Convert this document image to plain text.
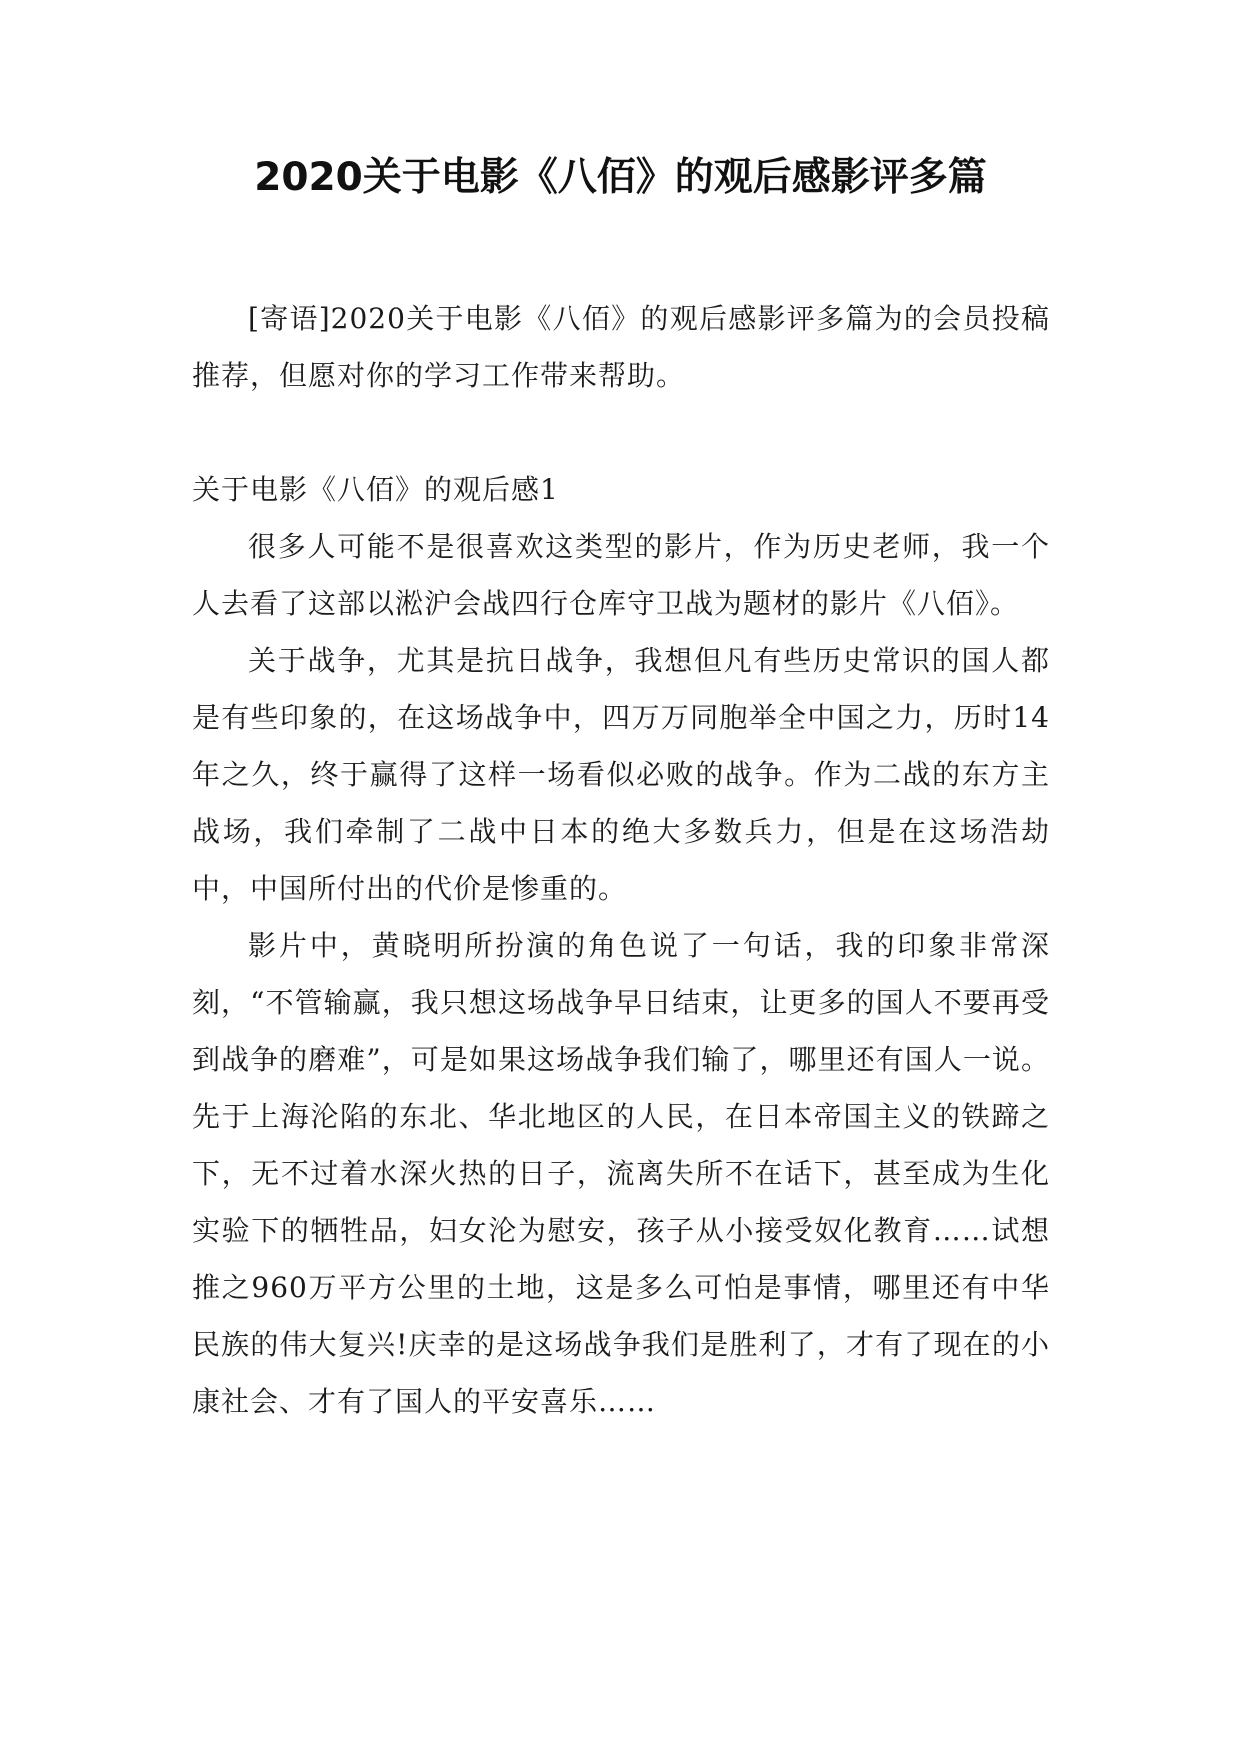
2020关于电影《八佰》的观后感影评多篇

[寄语]2020关于电影《八佰》的观后感影评多篇为的会员投稿推荐，但愿对你的学习工作带来帮助。

关于电影《八佰》的观后感1

很多人可能不是很喜欢这类型的影片，作为历史老师，我一个人去看了这部以淞沪会战四行仓库守卫战为题材的影片《八佰》。

关于战争，尤其是抗日战争，我想但凡有些历史常识的国人都是有些印象的，在这场战争中，四万万同胞举全中国之力，历时14年之久，终于赢得了这样一场看似必败的战争。作为二战的东方主战场，我们牵制了二战中日本的绝大多数兵力，但是在这场浩劫中，中国所付出的代价是惨重的。

影片中，黄晓明所扮演的角色说了一句话，我的印象非常深刻，“不管输赢，我只想这场战争早日结束，让更多的国人不要再受到战争的磨难”，可是如果这场战争我们输了，哪里还有国人一说。先于上海沦陷的东北、华北地区的人民，在日本帝国主义的铁蹄之下，无不过着水深火热的日子，流离失所不在话下，甚至成为生化实验下的牺牲品，妇女沦为慰安，孩子从小接受奴化教育……试想推之960万平方公里的土地，这是多么可怕是事情，哪里还有中华民族的伟大复兴!庆幸的是这场战争我们是胜利了，才有了现在的小康社会、才有了国人的平安喜乐……
